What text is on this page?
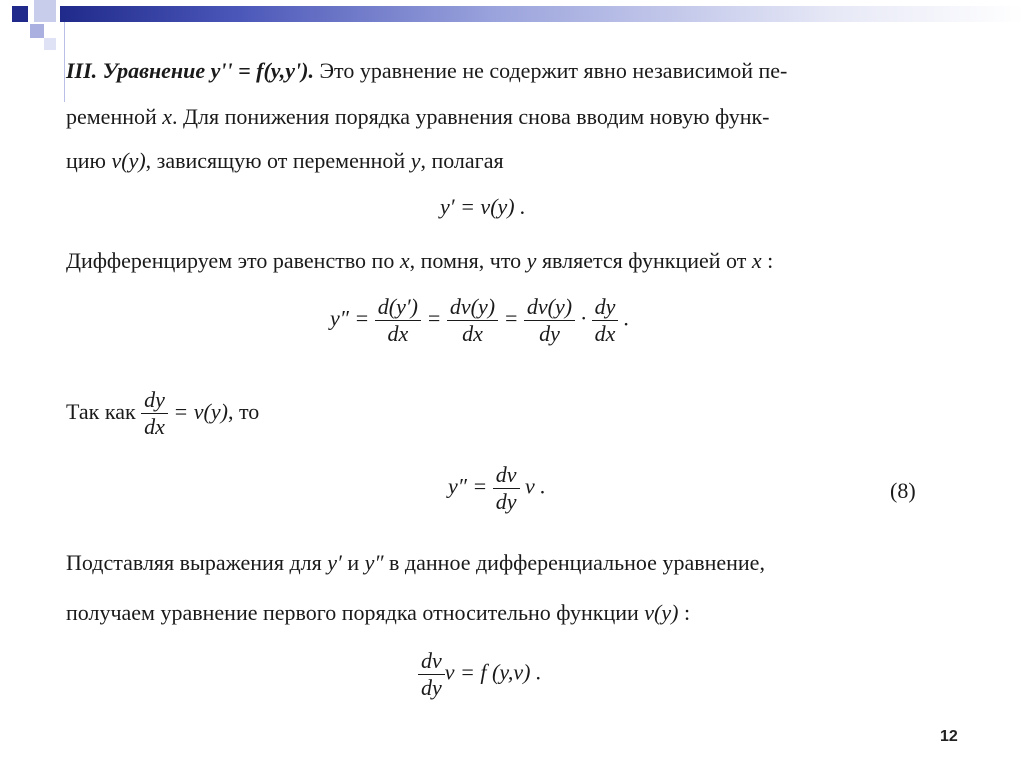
III. Уравнение y'' = f(y,y'). Это уравнение не содержит явно независимой пе-
ременной x. Для понижения порядка уравнения снова вводим новую функ-
цию v(y), зависящую от переменной y, полагая
y′ = v(y) .
Дифференцируем это равенство по x, помня, что y является функцией от x :
$y'' = \frac{d(y')}{dx} = \frac{dv(y)}{dx} = \frac{dv(y)}{dy} \cdot \frac{dy}{dx}$ .
Так как $\frac{dy}{dx} = v(y)$, то
$y'' = \frac{dv}{dy}$ v .	(8)
Подставляя выражения для y′ и y″ в данное дифференциальное уравнение,
получаем уравнение первого порядка относительно функции v(y) :
$\frac{dv}{dy}$ v = f (y,v) .
12
